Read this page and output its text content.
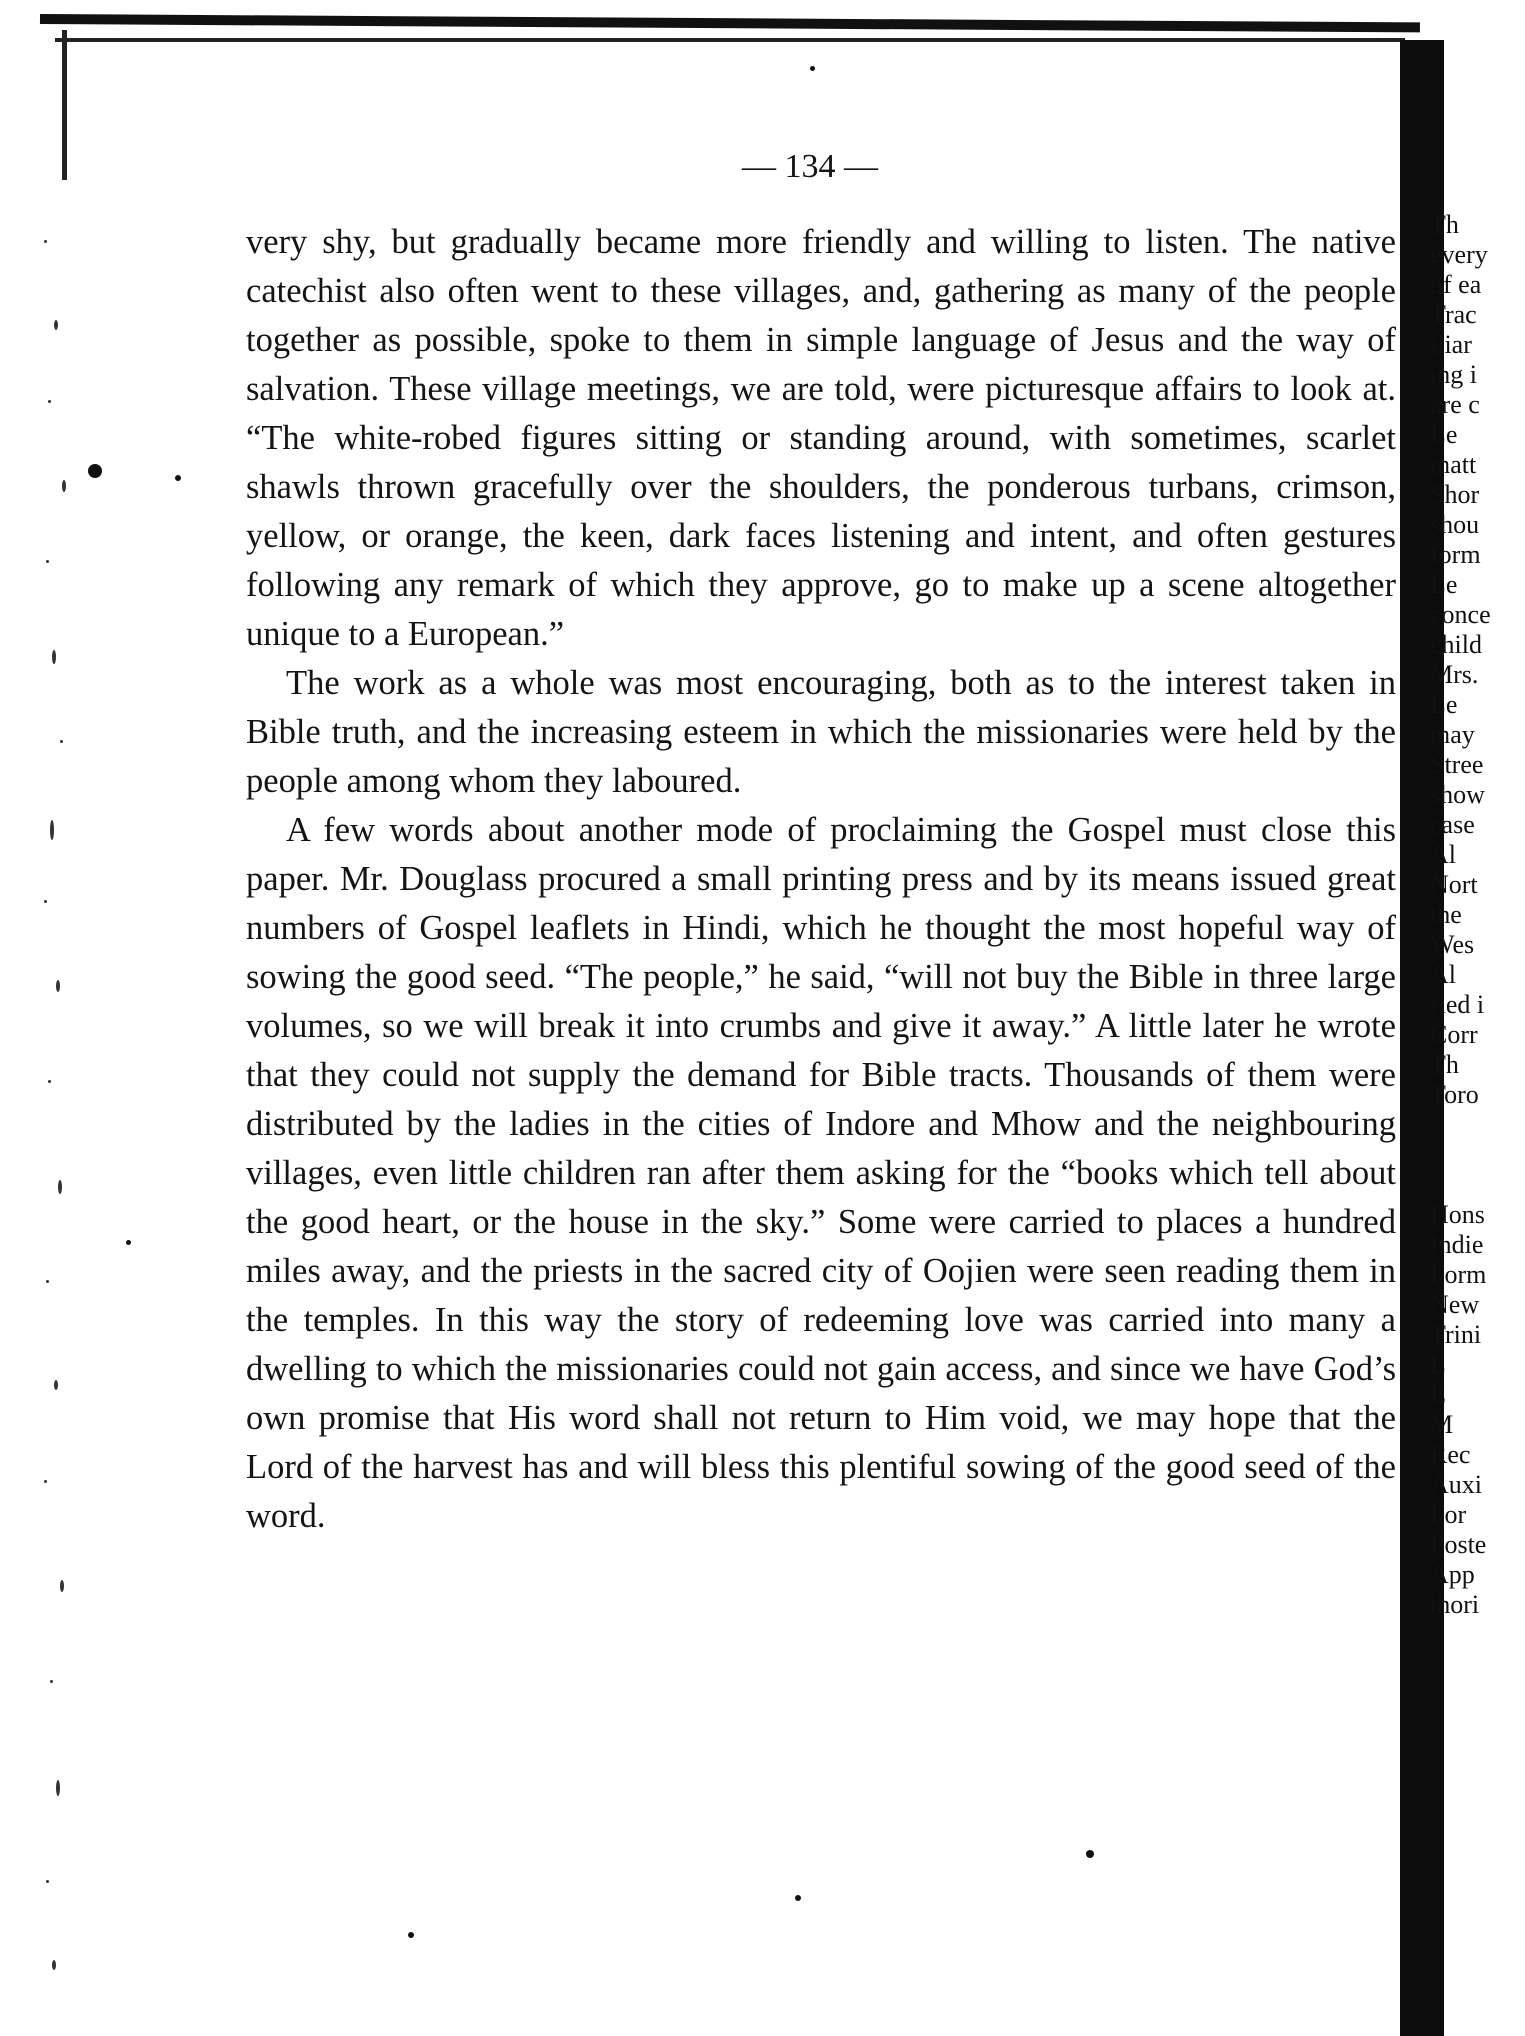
— 134 —

very shy, but gradually became more friendly and willing to listen. The native catechist also often went to these villages, and, gathering as many of the people together as possible, spoke to them in simple language of Jesus and the way of salvation. These village meetings, we are told, were picturesque affairs to look at. “The white-robed figures sitting or standing around, with sometimes, scarlet shawls thrown gracefully over the shoulders, the ponderous turbans, crimson, yellow, or orange, the keen, dark faces listening and intent, and often gestures following any remark of which they approve, go to make up a scene altogether unique to a European.”

The work as a whole was most encouraging, both as to the interest taken in Bible truth, and the increasing esteem in which the missionaries were held by the people among whom they laboured.

A few words about another mode of proclaiming the Gospel must close this paper. Mr. Douglass procured a small printing press and by its means issued great numbers of Gospel leaflets in Hindi, which he thought the most hopeful way of sowing the good seed. “The people,” he said, “will not buy the Bible in three large volumes, so we will break it into crumbs and give it away.” A little later he wrote that they could not supply the demand for Bible tracts. Thousands of them were distributed by the ladies in the cities of Indore and Mhow and the neighbouring villages, even little children ran after them asking for the “books which tell about the good heart, or the house in the sky.” Some were carried to places a hundred miles away, and the priests in the sacred city of Oojien were seen reading them in the temples. In this way the story of redeeming love was carried into many a dwelling to which the missionaries could not gain access, and since we have God’s own promise that His word shall not return to Him void, we may hope that the Lord of the harvest has and will bless this plentiful sowing of the good seed of the word.

Th
every
of ea
Trac
iliar
ing i
are c
Le
matt
Shor
shou
form
Le
conce
child
Mrs.
Le
may
Stree
show
case
Al
Nort
the
Wes
Al
fied i
Corr
Th
Toro

Hons
Indie
Form
New
Trini
L
E
M
Rec
Auxi
For
Poste
App
thori
